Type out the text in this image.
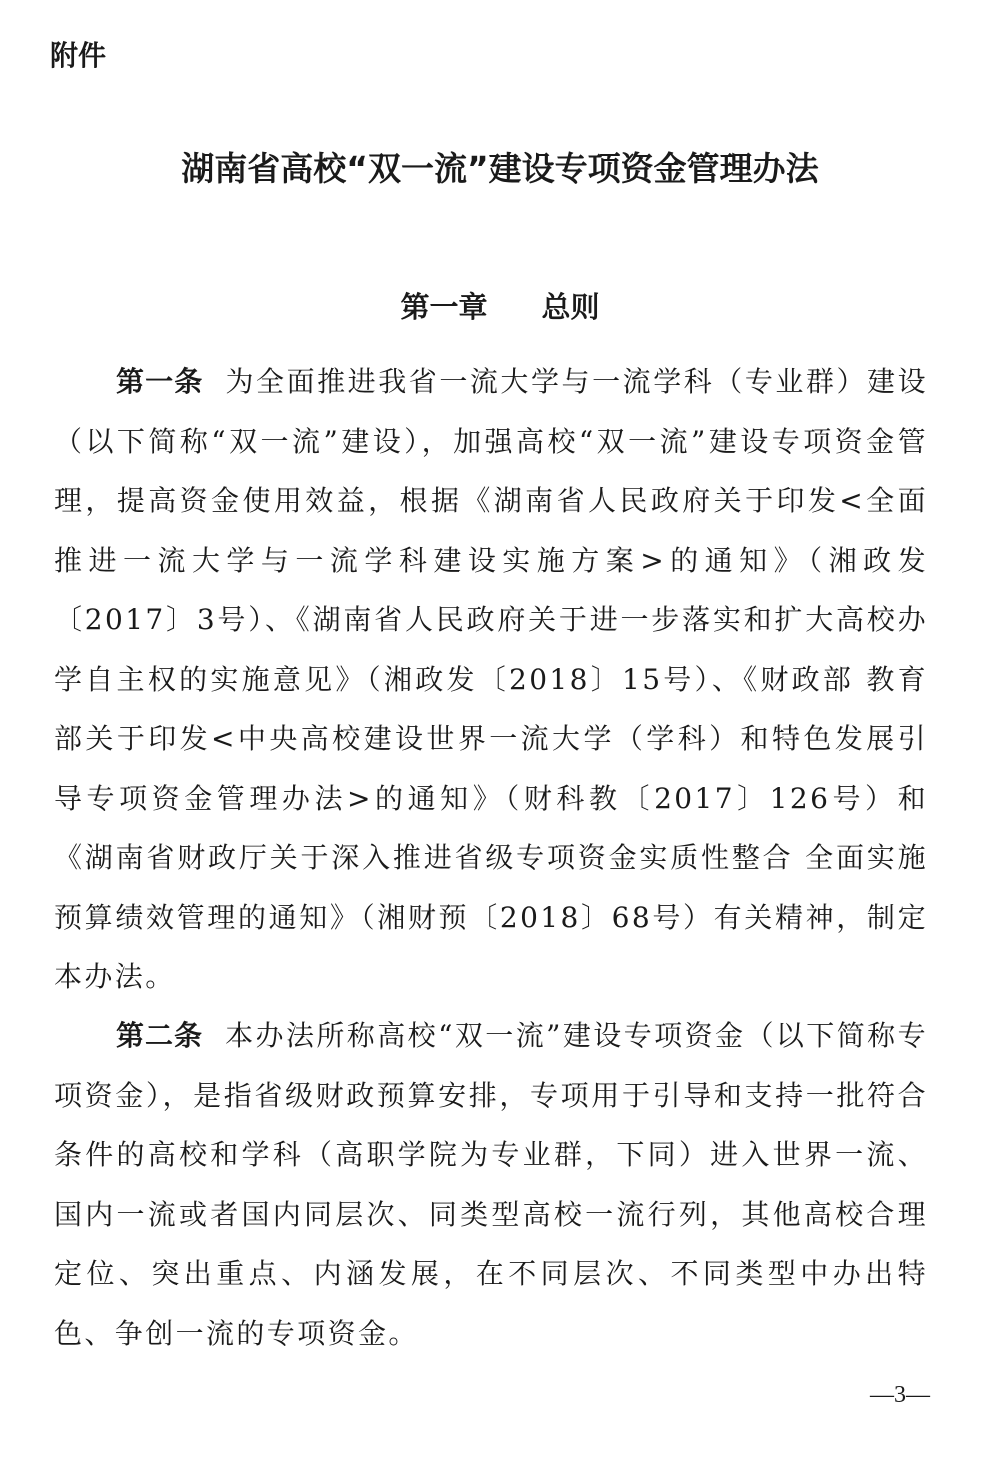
附件
湖南省高校“双一流”建设专项资金管理办法
第一章 总则

第一条 为全面推进我省一流大学与一流学科（专业群）建设（以下简称“双一流”建设），加强高校“双一流”建设专项资金管理，提高资金使用效益，根据《湖南省人民政府关于印发<全面推进一流大学与一流学科建设实施方案>的通知》（湘政发〔2017〕3号）、《湖南省人民政府关于进一步落实和扩大高校办学自主权的实施意见》（湘政发〔2018〕15号）、《财政部 教育部关于印发<中央高校建设世界一流大学（学科）和特色发展引导专项资金管理办法>的通知》（财科教〔2017〕126号）和《湖南省财政厅关于深入推进省级专项资金实质性整合 全面实施预算绩效管理的通知》（湘财预〔2018〕68号）有关精神，制定本办法。

第二条 本办法所称高校“双一流”建设专项资金（以下简称专项资金），是指省级财政预算安排，专项用于引导和支持一批符合条件的高校和学科（高职学院为专业群，下同）进入世界一流、国内一流或者国内同层次、同类型高校一流行列，其他高校合理定位、突出重点、内涵发展，在不同层次、不同类型中办出特色、争创一流的专项资金。

—3—
